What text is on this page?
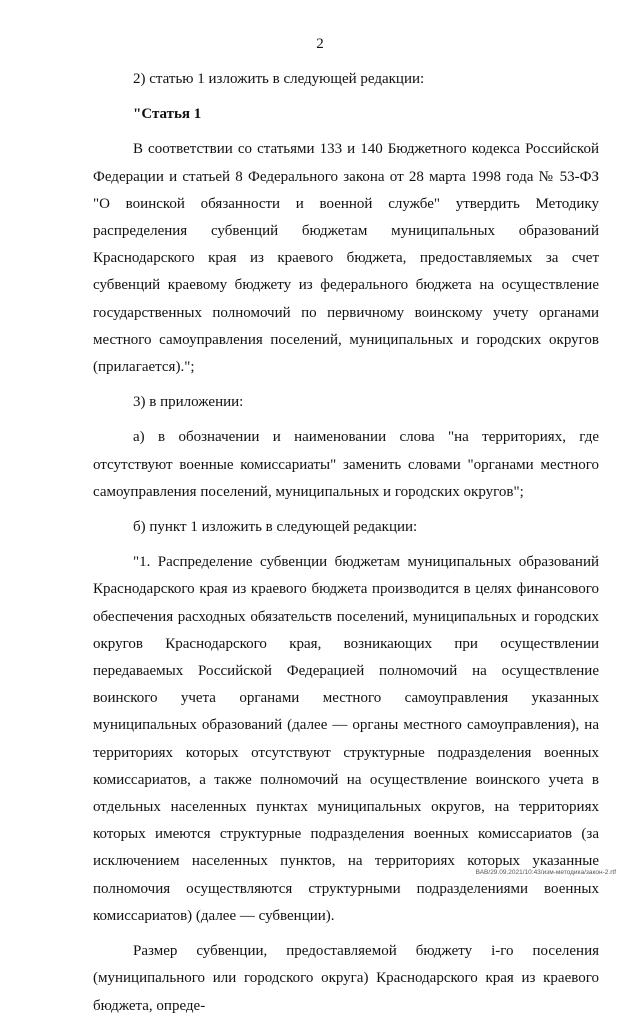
2

2) статью 1 изложить в следующей редакции:

"Статья 1

В соответствии со статьями 133 и 140 Бюджетного кодекса Российской Федерации и статьей 8 Федерального закона от 28 марта 1998 года № 53-ФЗ "О воинской обязанности и военной службе" утвердить Методику распределения субвенций бюджетам муниципальных образований Краснодарского края из краевого бюджета, предоставляемых за счет субвенций краевому бюджету из федерального бюджета на осуществление государственных полномочий по первичному воинскому учету органами местного самоуправления поселений, муниципальных и городских округов (прилагается).";

3) в приложении:

а) в обозначении и наименовании слова "на территориях, где отсутствуют военные комиссариаты" заменить словами "органами местного самоуправления поселений, муниципальных и городских округов";

б) пункт 1 изложить в следующей редакции:

"1. Распределение субвенции бюджетам муниципальных образований Краснодарского края из краевого бюджета производится в целях финансового обеспечения расходных обязательств поселений, муниципальных и городских округов Краснодарского края, возникающих при осуществлении передаваемых Российской Федерацией полномочий на осуществление воинского учета органами местного самоуправления указанных муниципальных образований (далее — органы местного самоуправления), на территориях которых отсутствуют структурные подразделения военных комиссариатов, а также полномочий на осуществление воинского учета в отдельных населенных пунктах муниципальных округов, на территориях которых имеются структурные подразделения военных комиссариатов (за исключением населенных пунктов, на территориях которых указанные полномочия осуществляются структурными подразделениями военных комиссариатов) (далее — субвенции).

Размер субвенции, предоставляемой бюджету i-го поселения (муниципального или городского округа) Краснодарского края из краевого бюджета, опреде-

ВАВ/29.09.2021/10:43/изм-методика/закон-2.rtf
